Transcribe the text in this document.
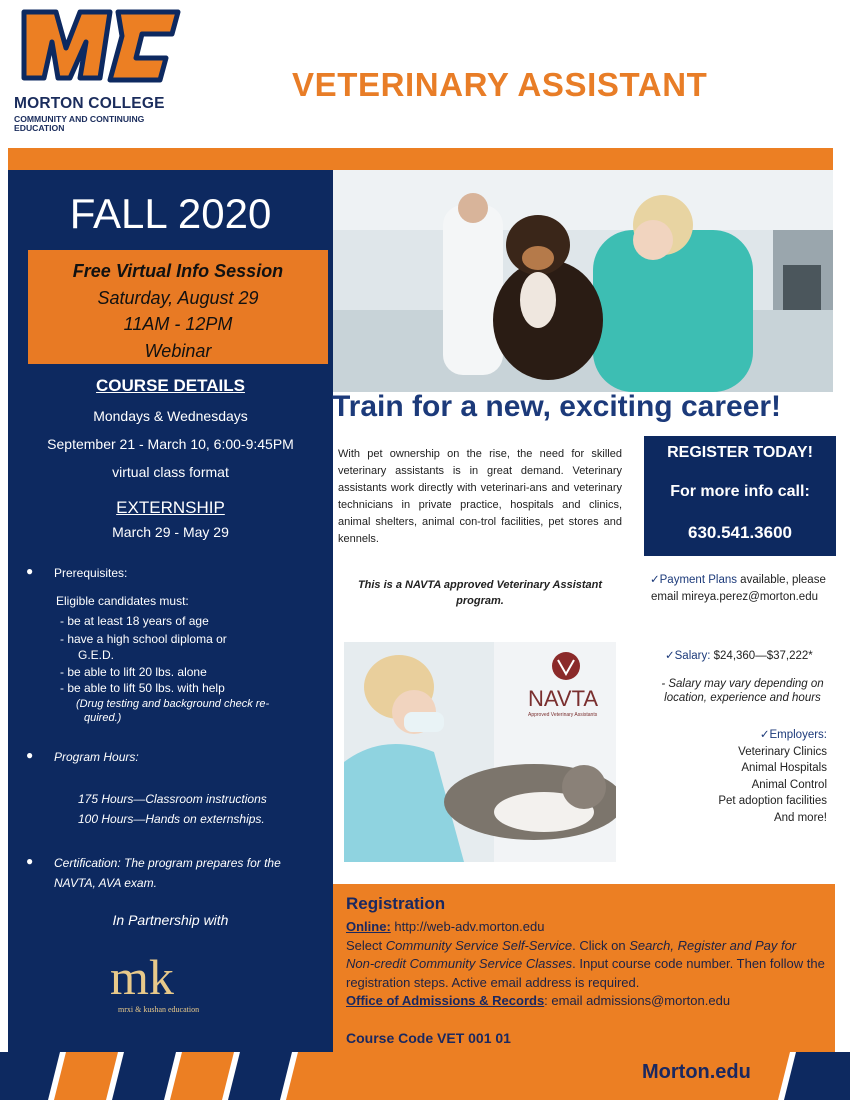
MORTON COLLEGE
COMMUNITY AND CONTINUING EDUCATION
VETERINARY ASSISTANT
FALL 2020
Free Virtual Info Session
Saturday, August 29
11AM - 12PM
Webinar
COURSE DETAILS
Mondays & Wednesdays
September 21 - March 10, 6:00-9:45PM
virtual class format
EXTERNSHIP
March 29 - May 29
● Prerequisites:
Eligible candidates must:
- be at least 18 years of age
- have a high school diploma or
G.E.D.
- be able to lift 20 lbs. alone
- be able to lift 50 lbs. with help
(Drug testing and background check re-
quired.)
● Program Hours:
175 Hours—Classroom instructions
100 Hours—Hands on externships.
● Certification: The program prepares for the
NAVTA, AVA exam.
In Partnership with
mk
mrxi & kushan education
Train for a new, exciting career!
With pet ownership on the rise, the need for skilled veterinary assistants is in great demand. Veterinary assistants work directly with veterinari-ans and veterinary technicians in private practice, hospitals and clinics, animal shelters, animal con-trol facilities, pet stores and kennels.
This is a NAVTA approved Veterinary Assistant
program.
REGISTER TODAY!
For more info call:
630.541.3600
✓Payment Plans available, please
email mireya.perez@morton.edu
✓Salary: $24,360—$37,222*
- Salary may vary depending on
location, experience and hours
✓Employers:
Veterinary Clinics
Animal Hospitals
Animal Control
Pet adoption facilities
And more!
NAVTA
Approved Veterinary Assistants
Registration
Online: http://web-adv.morton.edu
Select Community Service Self-Service. Click on Search, Register and Pay for Non-credit Community Service Classes. Input course code number. Then follow the registration steps. Active email address is required.
Office of Admissions & Records: email admissions@morton.edu
Course Code VET 001 01
Morton.edu
